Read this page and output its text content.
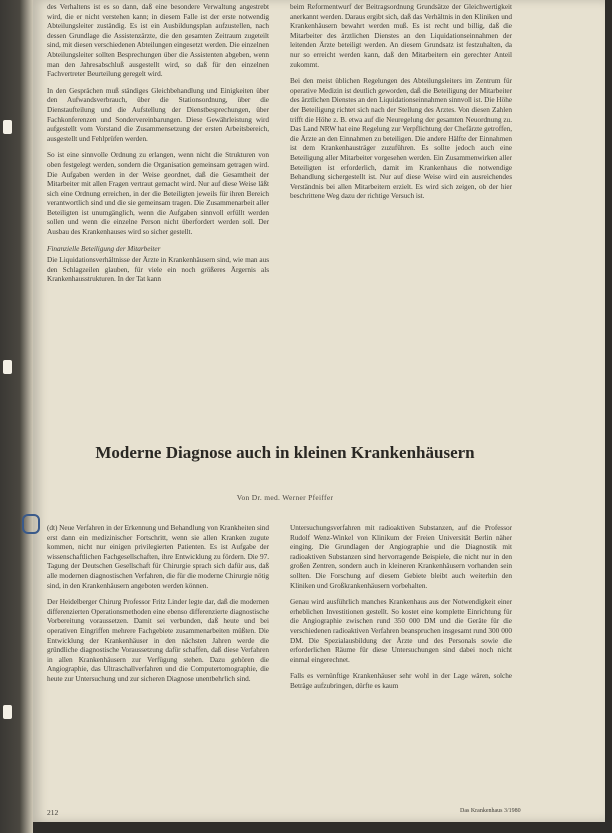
des Verhaltens ist es so dann, daß eine besondere Verwaltung angestrebt wird, die er nicht verstehen kann; in diesem Falle ist der erste notwendig Abteilungsleiter zuständig. Es ist ein Ausbildungsplan aufzustellen, nach dessen Grundlage die Assistenzärzte, die den gesamten Zeitraum zugeteilt sind, mit diesen verschiedenen Abteilungen eingesetzt werden. Die einzelnen Abteilungsleiter sollten Besprechungen über die Assistenten abgeben, wenn man den Jahresabschluß ausgestellt wird, so daß für den einzelnen Fachvertreter Beurteilung geregelt wird.

In den Gesprächen muß ständiges Gleichbehandlung und Einigkeiten über den Aufwandsverbrauch, über die Stationsordnung, über die Dienstaufteilung und die Aufstellung der Dienstbesprechungen, über Fachkonferenzen und Sondervereinbarungen. Diese Gewährleistung wird aufgestellt vom Vorstand die Zusammensetzung der ersten Arbeitsbereich, ausgestellt und Fehlprüfen werden.

So ist eine sinnvolle Ordnung zu erlangen, wenn nicht die Strukturen von oben festgelegt werden, sondern die Organisation gemeinsam getragen wird. Die Aufgaben werden in der Weise geordnet, daß die Gesamtheit der Mitarbeiter mit allen Fragen vertraut gemacht wird. Nur auf diese Weise läßt sich eine Ordnung erreichen, in der die Beteiligten jeweils für ihren Bereich verantwortlich sind und die sie gemeinsam tragen. Die Zusammenarbeit aller Beteiligten ist unumgänglich, wenn die Aufgaben sinnvoll erfüllt werden sollen und wenn die einzelne Person nicht überfordert werden soll. Der Ausbau des Krankenhauses wird so sicher gestellt.

Finanzielle Beteiligung der Mitarbeiter

Die Liquidationsverhältnisse der Ärzte in Krankenhäusern sind, wie man aus den Schlagzeilen glauben, für viele ein noch größeres Ärgernis als Krankenhausstrukturen. In der Tat kann

beim Reformentwurf der Beitragsordnung Grundsätze der Gleichwertigkeit anerkannt werden. Daraus ergibt sich, daß das Verhältnis in den Kliniken und Krankenhäusern bewahrt werden muß. Es ist recht und billig, daß die Mitarbeiter des ärztlichen Dienstes an den Liquidationseinnahmen der leitenden Ärzte beteiligt werden. An diesem Grundsatz ist festzuhalten, da nur so erreicht werden kann, daß den Mitarbeitern ein gerechter Anteil zukommt.

Bei den meist üblichen Regelungen des Abteilungsleiters im Zentrum für operative Medizin ist deutlich geworden, daß die Beteiligung der Mitarbeiter des ärztlichen Dienstes an den Liquidationseinnahmen sinnvoll ist. Die Höhe der Beteiligung richtet sich nach der Stellung des Arztes. Von diesen Zahlen trifft die Höhe z. B. etwa auf die Neuregelung der gesamten Neuordnung zu. Das Land NRW hat eine Regelung zur Verpflichtung der Chefärzte getroffen, die Ärzte an den Einnahmen zu beteiligen. Die andere Hälfte der Einnahmen ist dem Krankenhausträger zuzuführen. Es sollte jedoch auch eine Beteiligung aller Mitarbeiter vorgesehen werden. Ein Zusammenwirken aller Beteiligten ist erforderlich, damit im Krankenhaus die notwendige Behandlung sichergestellt ist. Nur auf diese Weise wird ein ausreichendes Verständnis bei allen Mitarbeitern erzielt. Es wird sich zeigen, ob der hier beschrittene Weg dazu der richtige Versuch ist.

Moderne Diagnose auch in kleinen Krankenhäusern
Von Dr. med. Werner Pfeiffer

(dt) Neue Verfahren in der Erkennung und Behandlung von Krankheiten sind erst dann ein medizinischer Fortschritt, wenn sie allen Kranken zugute kommen, nicht nur einigen privilegierten Patienten. Es ist Aufgabe der wissenschaftlichen Fachgesellschaften, ihre Entwicklung zu fördern. Die 97. Tagung der Deutschen Gesellschaft für Chirurgie sprach sich dafür aus, daß alle modernen diagnostischen Verfahren, die für die moderne Chirurgie nötig sind, in den Krankenhäusern angeboten werden können.

Der Heidelberger Chirurg Professor Fritz Linder legte dar, daß die modernen differenzierten Operationsmethoden eine ebenso differenzierte diagnostische Vorbereitung voraussetzen. Damit sei verbunden, daß heute und bei operativen Eingriffen mehrere Fachgebiete zusammenarbeiten müßten. Die Entwicklung der Krankenhäuser in den nächsten Jahren werde die gründliche diagnostische Voraussetzung dafür schaffen, daß diese Verfahren in allen Krankenhäusern zur Verfügung stehen. Dazu gehören die Angiographie, das Ultraschallverfahren und die Computertomographie, die heute zur Untersuchung und zur sicheren Diagnose unentbehrlich sind.

Untersuchungsverfahren mit radioaktiven Substanzen, auf die Professor Rudolf Wenz-Winkel von Klinikum der Freien Universität Berlin näher einging. Die Grundlagen der Angiographie und die Diagnostik mit radioaktiven Substanzen sind hervorragende Beispiele, die nicht nur in den großen Zentren, sondern auch in kleineren Krankenhäusern vorhanden sein sollten. Die Forschung auf diesem Gebiete bleibt auch weiterhin den Kliniken und Großkrankenhäusern vorbehalten.

Genau wird ausführlich manches Krankenhaus aus der Notwendigkeit einer erheblichen Investitionen gestellt. So kostet eine komplette Einrichtung für die Angiographie zwischen rund 350 000 DM und die Geräte für die verschiedenen radioaktiven Verfahren beanspruchen insgesamt rund 300 000 DM. Die Spezialausbildung der Ärzte und des Personals sowie die erforderlichen Räume für diese Untersuchungen sind dabei noch nicht einmal eingerechnet.

Falls es vernünftige Krankenhäuser sehr wohl in der Lage wären, solche Beträge aufzubringen, dürfte es kaum

212	Das Krankenhaus 3/1980
